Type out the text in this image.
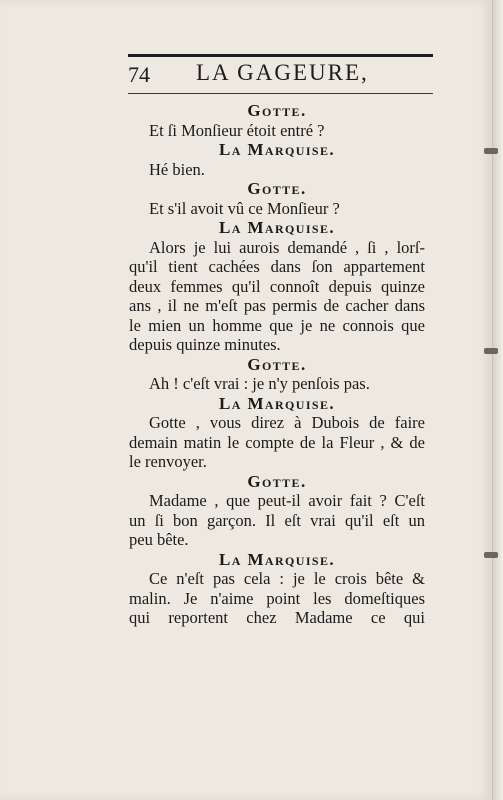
74 LA GAGEURE,
Gotte.
Et ſi Monſieur étoit entré ?
La Marquise.
Hé bien.
Gotte.
Et s'il avoit vû ce Monſieur ?
La Marquise.
Alors je lui aurois demandé , ſi , lorſ-
qu'il tient cachées dans ſon appartement
deux femmes qu'il connoît depuis quinze
ans , il ne m'eſt pas permis de cacher dans
le mien un homme que je ne connois que
depuis quinze minutes.
Gotte.
Ah ! c'eſt vrai : je n'y penſois pas.
La Marquise.
Gotte , vous direz à Dubois de faire
demain matin le compte de la Fleur , & de
le renvoyer.
Gotte.
Madame , que peut-il avoir fait ? C'eſt
un ſi bon garçon. Il eſt vrai qu'il eſt un
peu bête.
La Marquise.
Ce n'eſt pas cela : je le crois bête &
malin. Je n'aime point les domeſtiques
qui reportent chez Madame ce qui
